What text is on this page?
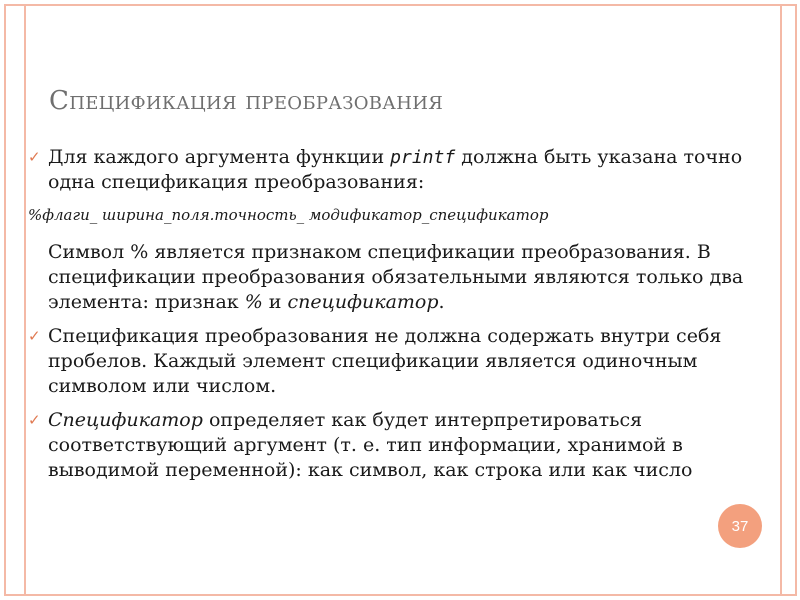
Спецификация преобразования
✓ Для каждого аргумента функции printf должна быть указана точно одна спецификация преобразования:
%флаги_ ширина_поля.точность_ модификатор_спецификатор
Символ % является признаком спецификации преобразования. В спецификации преобразования обязательными являются только два элемента: признак % и спецификатор.
✓ Спецификация преобразования не должна содержать внутри себя пробелов. Каждый элемент спецификации является одиночным символом или числом.
✓ Спецификатор определяет как будет интерпретироваться соответствующий аргумент (т. е. тип информации, хранимой в выводимой переменной): как символ, как строка или как число
37
